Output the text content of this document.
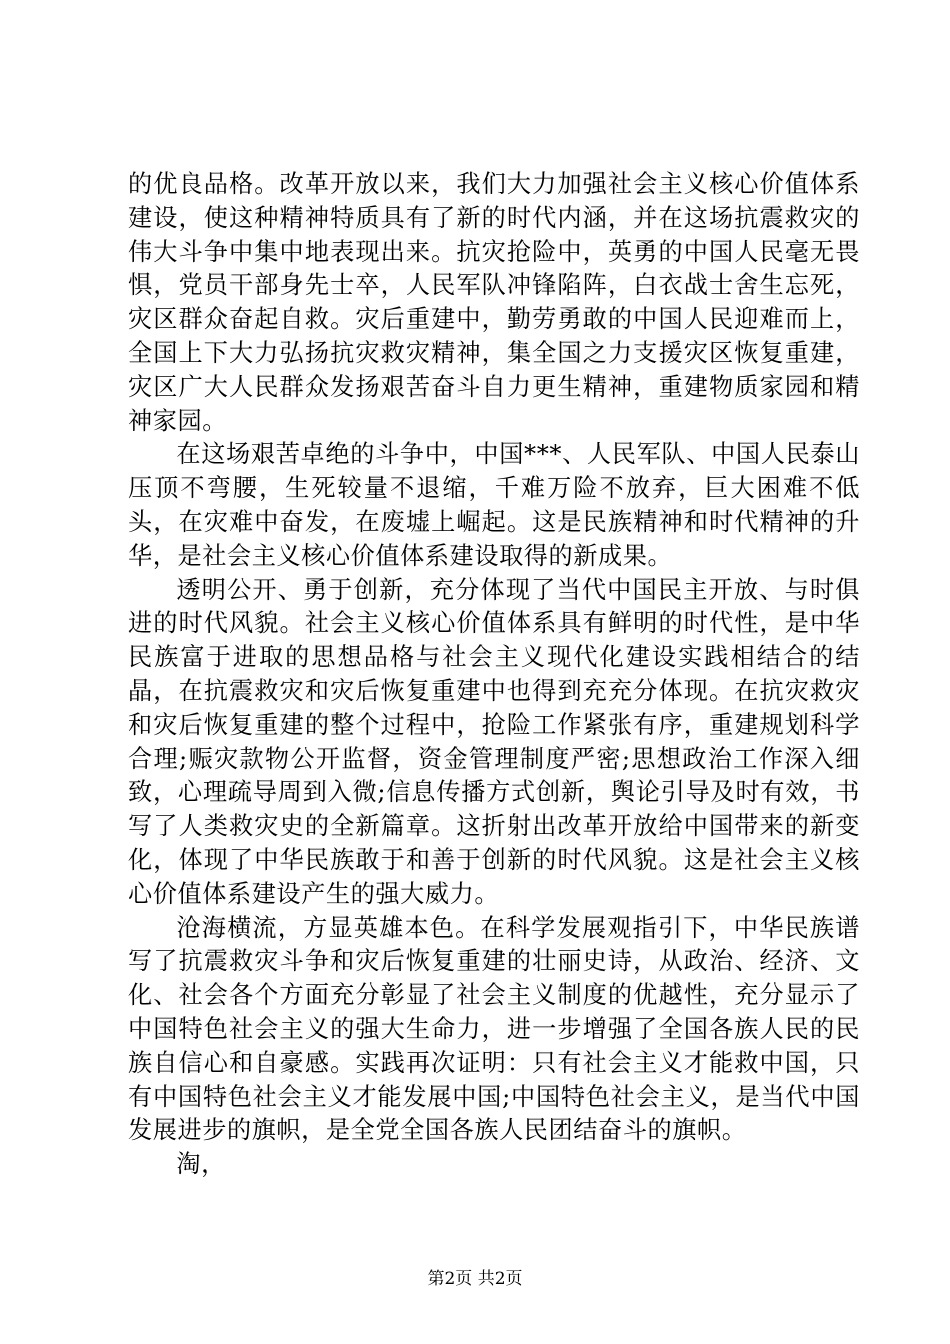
的优良品格。改革开放以来，我们大力加强社会主义核心价值体系建设，使这种精神特质具有了新的时代内涵，并在这场抗震救灾的伟大斗争中集中地表现出来。抗灾抢险中，英勇的中国人民毫无畏惧，党员干部身先士卒，人民军队冲锋陷阵，白衣战士舍生忘死，灾区群众奋起自救。灾后重建中，勤劳勇敢的中国人民迎难而上，全国上下大力弘扬抗灾救灾精神，集全国之力支援灾区恢复重建，灾区广大人民群众发扬艰苦奋斗自力更生精神，重建物质家园和精神家园。

在这场艰苦卓绝的斗争中，中国***、人民军队、中国人民泰山压顶不弯腰，生死较量不退缩，千难万险不放弃，巨大困难不低头，在灾难中奋发，在废墟上崛起。这是民族精神和时代精神的升华，是社会主义核心价值体系建设取得的新成果。

透明公开、勇于创新，充分体现了当代中国民主开放、与时俱进的时代风貌。社会主义核心价值体系具有鲜明的时代性，是中华民族富于进取的思想品格与社会主义现代化建设实践相结合的结晶，在抗震救灾和灾后恢复重建中也得到充充分体现。在抗灾救灾和灾后恢复重建的整个过程中，抢险工作紧张有序，重建规划科学合理;赈灾款物公开监督，资金管理制度严密;思想政治工作深入细致，心理疏导周到入微;信息传播方式创新，舆论引导及时有效，书写了人类救灾史的全新篇章。这折射出改革开放给中国带来的新变化，体现了中华民族敢于和善于创新的时代风貌。这是社会主义核心价值体系建设产生的强大威力。

沧海横流，方显英雄本色。在科学发展观指引下，中华民族谱写了抗震救灾斗争和灾后恢复重建的壮丽史诗，从政治、经济、文化、社会各个方面充分彰显了社会主义制度的优越性，充分显示了中国特色社会主义的强大生命力，进一步增强了全国各族人民的民族自信心和自豪感。实践再次证明：只有社会主义才能救中国，只有中国特色社会主义才能发展中国;中国特色社会主义，是当代中国发展进步的旗帜，是全党全国各族人民团结奋斗的旗帜。

淘，

第2页 共2页
